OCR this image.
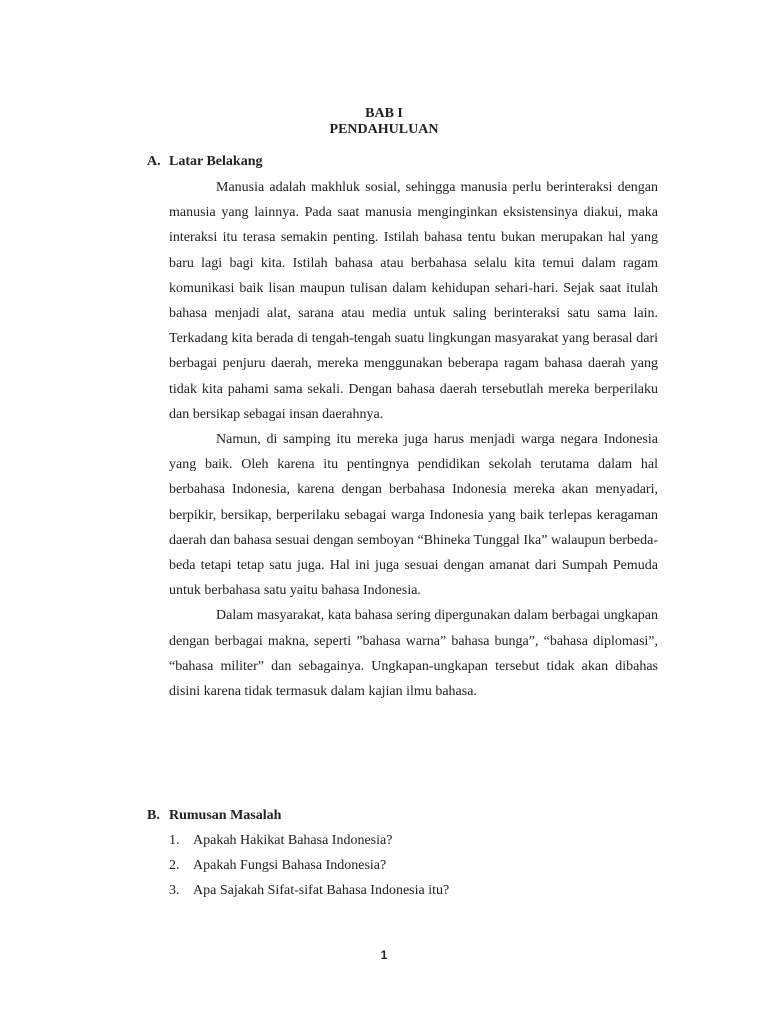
BAB I
PENDAHULUAN
A. Latar Belakang

Manusia adalah makhluk sosial, sehingga manusia perlu berinteraksi dengan manusia yang lainnya. Pada saat manusia menginginkan eksistensinya diakui, maka interaksi itu terasa semakin penting. Istilah bahasa tentu bukan merupakan hal yang baru lagi bagi kita. Istilah bahasa atau berbahasa selalu kita temui dalam ragam komunikasi baik lisan maupun tulisan dalam kehidupan sehari-hari. Sejak saat itulah bahasa menjadi alat, sarana atau media untuk saling berinteraksi satu sama lain. Terkadang kita berada di tengah-tengah suatu lingkungan masyarakat yang berasal dari berbagai penjuru daerah, mereka menggunakan beberapa ragam bahasa daerah yang tidak kita pahami sama sekali. Dengan bahasa daerah tersebutlah mereka berperilaku dan bersikap sebagai insan daerahnya.

Namun, di samping itu mereka juga harus menjadi warga negara Indonesia yang baik. Oleh karena itu pentingnya pendidikan sekolah terutama dalam hal berbahasa Indonesia, karena dengan berbahasa Indonesia mereka akan menyadari, berpikir, bersikap, berperilaku sebagai warga Indonesia yang baik terlepas keragaman daerah dan bahasa sesuai dengan semboyan “Bhineka Tunggal Ika” walaupun berbeda-beda tetapi tetap satu juga. Hal ini juga sesuai dengan amanat dari Sumpah Pemuda untuk berbahasa satu yaitu bahasa Indonesia.

Dalam masyarakat, kata bahasa sering dipergunakan dalam berbagai ungkapan dengan berbagai makna, seperti ”bahasa warna” bahasa bunga”, “bahasa diplomasi”, “bahasa militer” dan sebagainya. Ungkapan-ungkapan tersebut tidak akan dibahas disini karena tidak termasuk dalam kajian ilmu bahasa.

B. Rumusan Masalah
1. Apakah Hakikat Bahasa Indonesia?
2. Apakah Fungsi Bahasa Indonesia?
3. Apa Sajakah Sifat-sifat Bahasa Indonesia itu?
1
